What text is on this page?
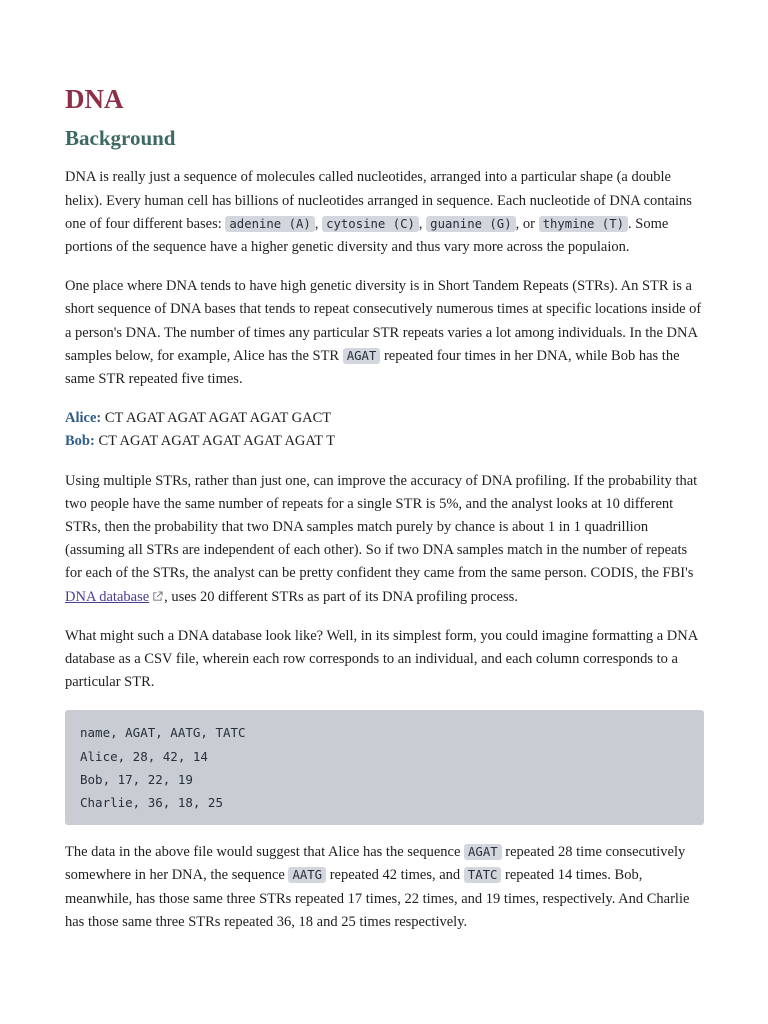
DNA
Background

DNA is really just a sequence of molecules called nucleotides, arranged into a particular shape (a double helix). Every human cell has billions of nucleotides arranged in sequence. Each nucleotide of DNA contains one of four different bases: adenine (A) , cytosine (C) , guanine (G) , or thymine (T) . Some portions of the sequence have a higher genetic diversity and thus vary more across the populaion.

One place where DNA tends to have high genetic diversity is in Short Tandem Repeats (STRs). An STR is a short sequence of DNA bases that tends to repeat consecutively numerous times at specific locations inside of a person's DNA. The number of times any particular STR repeats varies a lot among individuals. In the DNA samples below, for example, Alice has the STR AGAT repeated four times in her DNA, while Bob has the same STR repeated five times.

Alice: CT AGAT AGAT AGAT AGAT GACT
Bob: CT AGAT AGAT AGAT AGAT AGAT T

Using multiple STRs, rather than just one, can improve the accuracy of DNA profiling. If the probability that two people have the same number of repeats for a single STR is 5%, and the analyst looks at 10 different STRs, then the probability that two DNA samples match purely by chance is about 1 in 1 quadrillion (assuming all STRs are independent of each other). So if two DNA samples match in the number of repeats for each of the STRs, the analyst can be pretty confident they came from the same person. CODIS, the FBI's DNA database , uses 20 different STRs as part of its DNA profiling process.

What might such a DNA database look like? Well, in its simplest form, you could imagine formatting a DNA database as a CSV file, wherein each row corresponds to an individual, and each column corresponds to a particular STR.

name, AGAT, AATG, TATC
Alice, 28, 42, 14
Bob, 17, 22, 19
Charlie, 36, 18, 25

The data in the above file would suggest that Alice has the sequence AGAT repeated 28 time consecutively somewhere in her DNA, the sequence AATG repeated 42 times, and TATC repeated 14 times. Bob, meanwhile, has those same three STRs repeated 17 times, 22 times, and 19 times, respectively. And Charlie has those same three STRs repeated 36, 18 and 25 times respectively.
